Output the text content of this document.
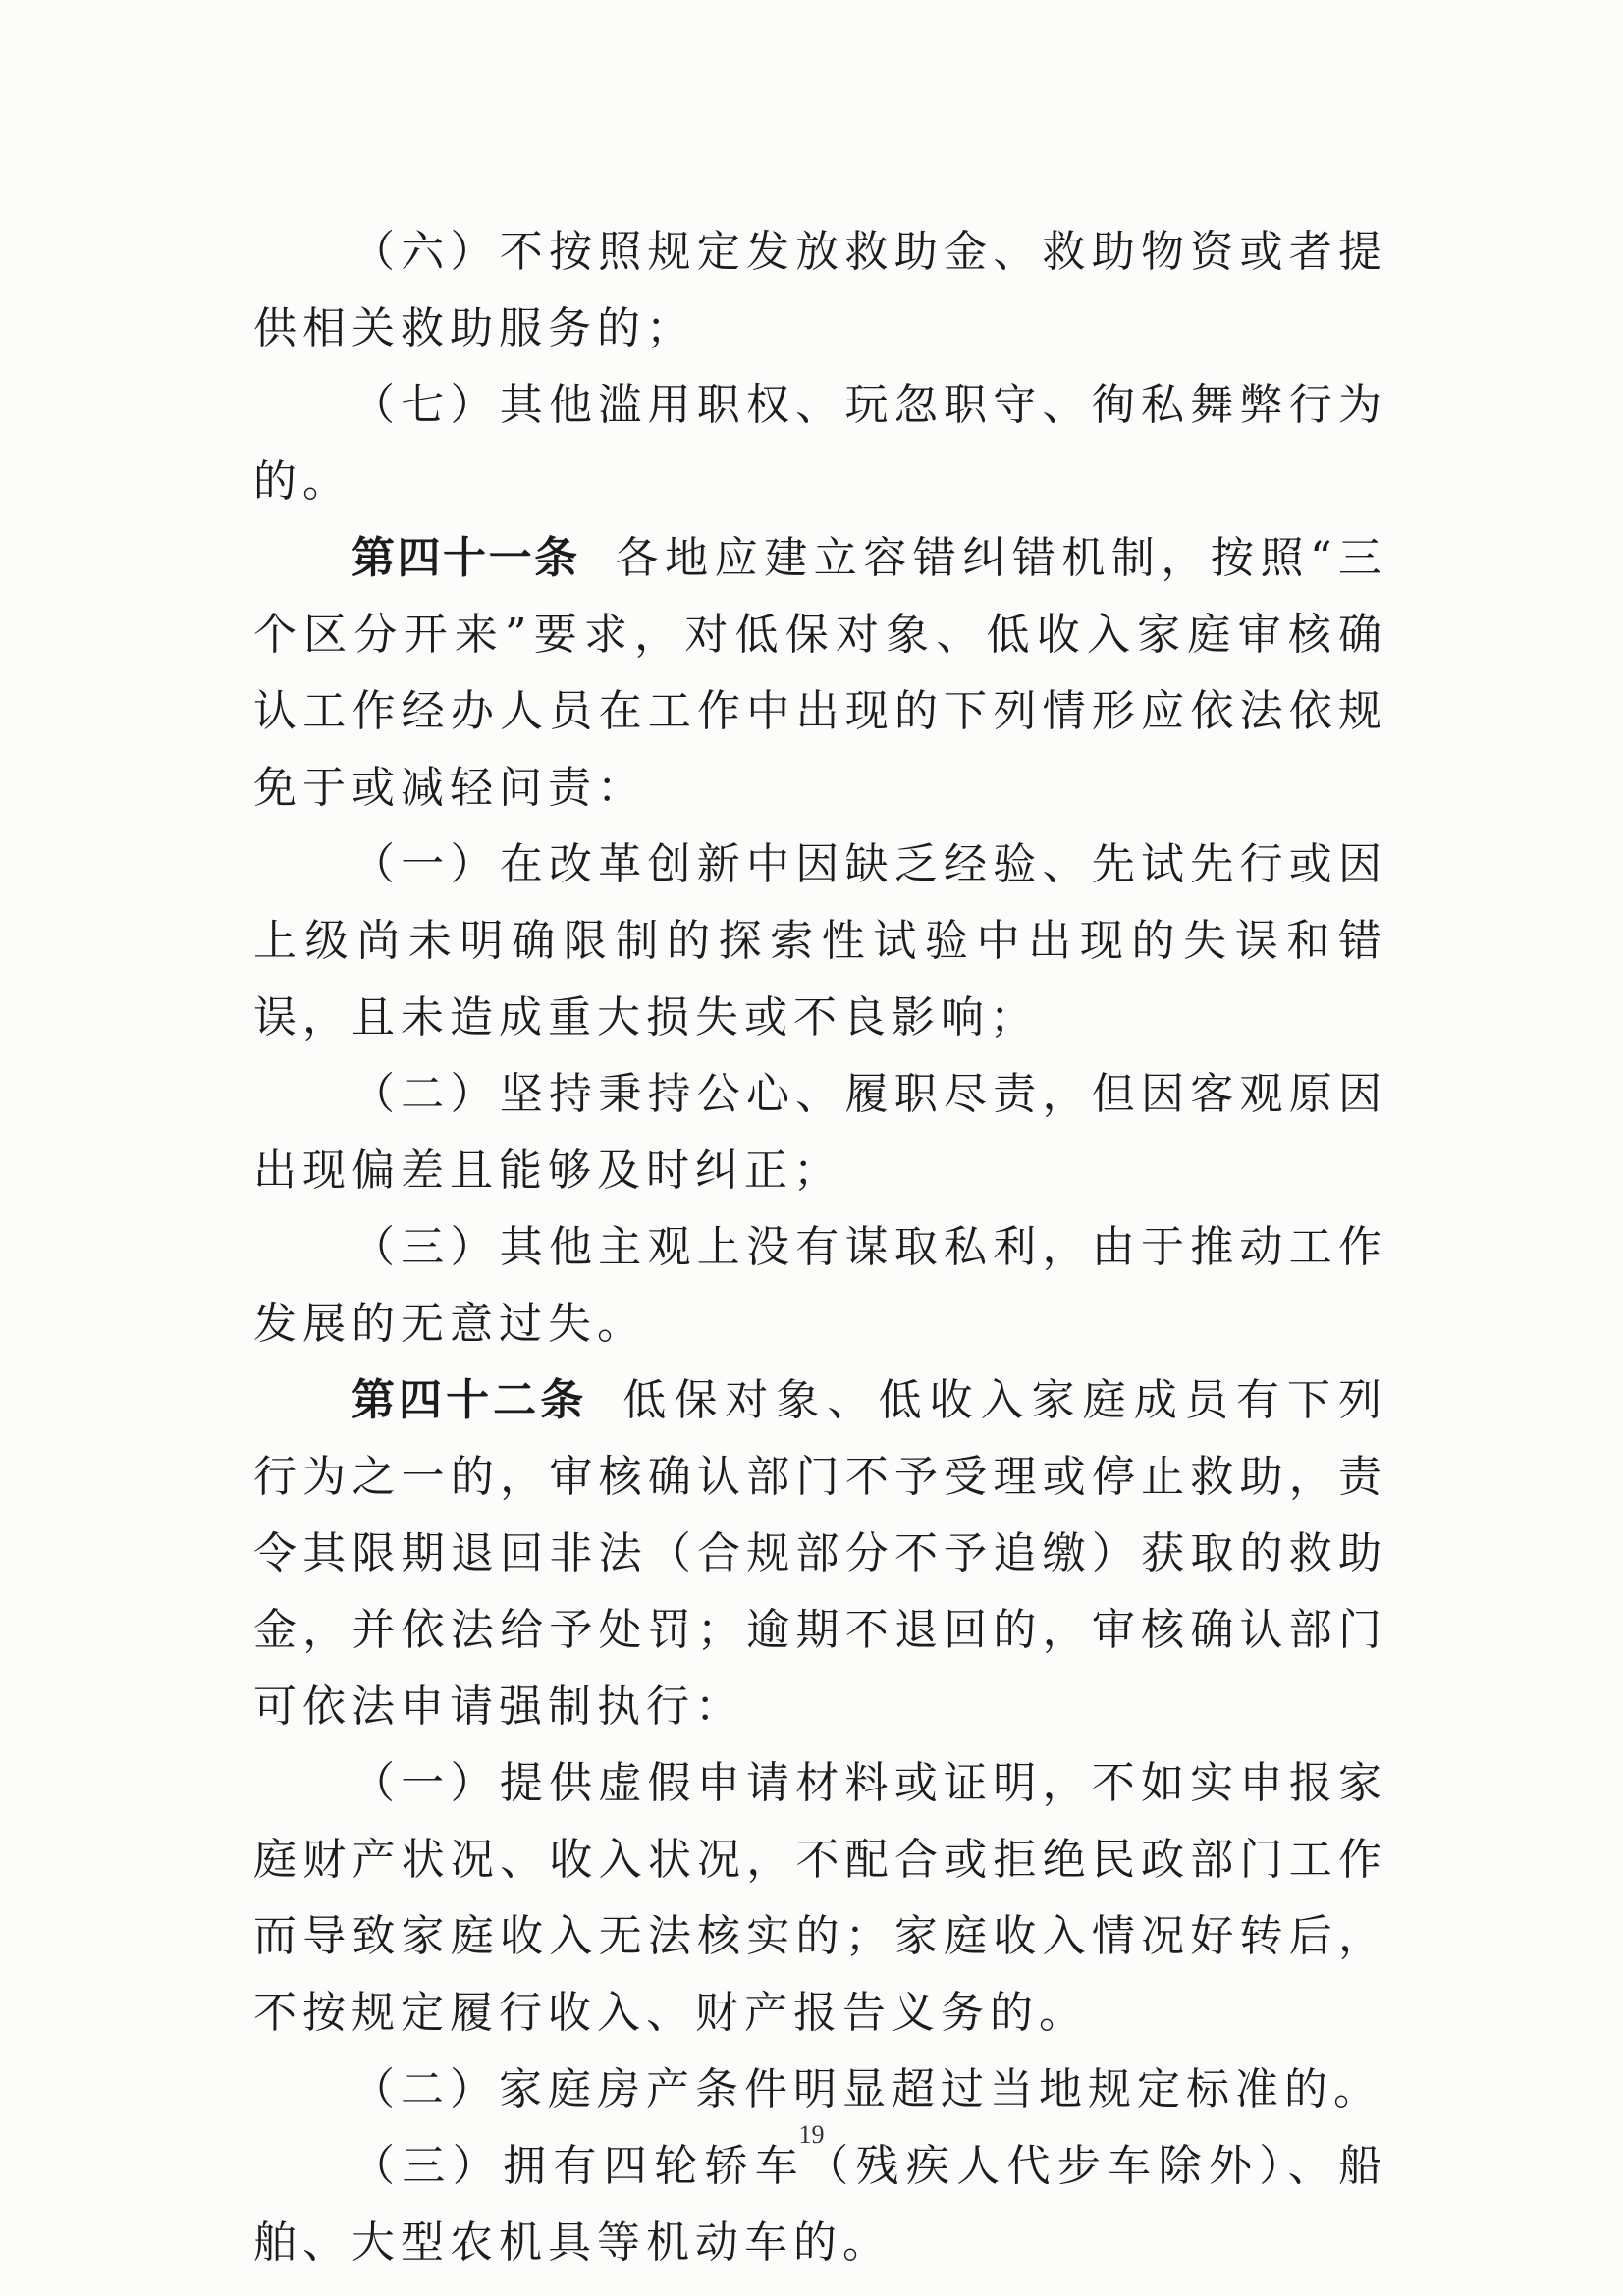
（六）不按照规定发放救助金、救助物资或者提供相关救助服务的；

（七）其他滥用职权、玩忽职守、徇私舞弊行为的。

第四十一条 各地应建立容错纠错机制，按照“三个区分开来”要求，对低保对象、低收入家庭审核确认工作经办人员在工作中出现的下列情形应依法依规免于或减轻问责：

（一）在改革创新中因缺乏经验、先试先行或因上级尚未明确限制的探索性试验中出现的失误和错误，且未造成重大损失或不良影响；

（二）坚持秉持公心、履职尽责，但因客观原因出现偏差且能够及时纠正；

（三）其他主观上没有谋取私利，由于推动工作发展的无意过失。

第四十二条 低保对象、低收入家庭成员有下列行为之一的，审核确认部门不予受理或停止救助，责令其限期退回非法（合规部分不予追缴）获取的救助金，并依法给予处罚；逾期不退回的，审核确认部门可依法申请强制执行：

（一）提供虚假申请材料或证明，不如实申报家庭财产状况、收入状况，不配合或拒绝民政部门工作而导致家庭收入无法核实的；家庭收入情况好转后，不按规定履行收入、财产报告义务的。

（二）家庭房产条件明显超过当地规定标准的。

（三）拥有四轮轿车（残疾人代步车除外）、船舶、大型农机具等机动车的。

19
